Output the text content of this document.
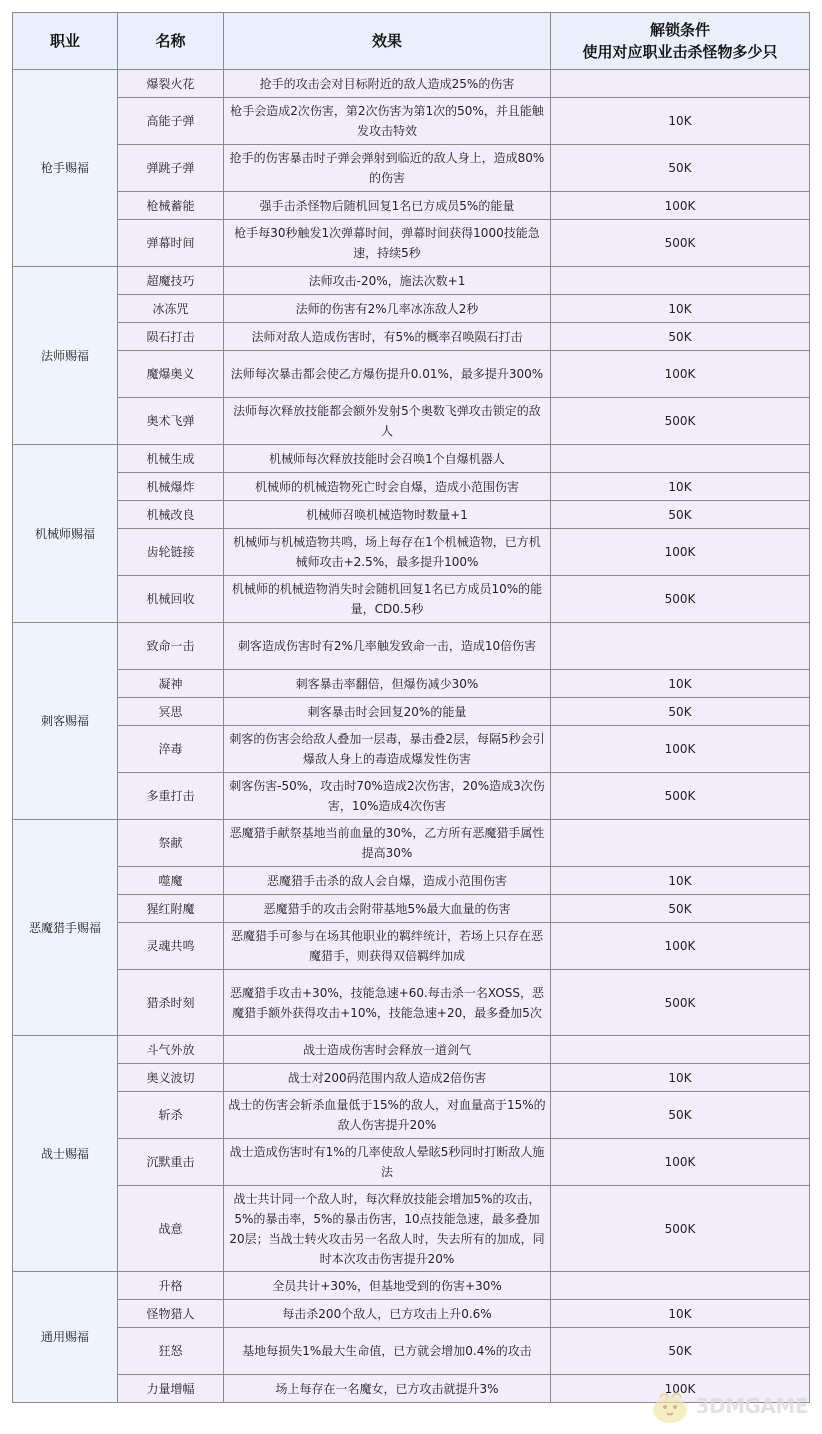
职业	名称	效果	解锁条件
使用对应职业击杀怪物多少只

枪手赐福	爆裂火花	抢手的攻击会对目标附近的敌人造成25%的伤害	
	高能子弹	枪手会造成2次伤害，第2次伤害为第1次的50%，并且能触发攻击特效	10K
	弹跳子弹	抢手的伤害暴击时子弹会弹射到临近的敌人身上，造成80%的伤害	50K
	枪械蓄能	强手击杀怪物后随机回复1名已方成员5%的能量	100K
	弹幕时间	枪手每30秒触发1次弹幕时间，弹幕时间获得1000技能急速，持续5秒	500K
法师赐福	超魔技巧	法师攻击-20%，施法次数+1	
	冰冻咒	法师的伤害有2%几率冰冻敌人2秒	10K
	陨石打击	法师对敌人造成伤害时，有5%的概率召唤陨石打击	50K
	魔爆奥义	法师每次暴击都会使乙方爆伤提升0.01%，最多提升300%	100K
	奥术飞弹	法师每次释放技能都会额外发射5个奥数飞弹攻击锁定的敌人	500K
机械师赐福	机械生成	机械师每次释放技能时会召唤1个自爆机器人	
	机械爆炸	机械师的机械造物死亡时会自爆，造成小范围伤害	10K
	机械改良	机械师召唤机械造物时数量+1	50K
	齿轮链接	机械师与机械造物共鸣，场上每存在1个机械造物，已方机械师攻击+2.5%，最多提升100%	100K
	机械回收	机械师的机械造物消失时会随机回复1名已方成员10%的能量，CD0.5秒	500K
刺客赐福	致命一击	刺客造成伤害时有2%几率触发致命一击，造成10倍伤害	
	凝神	刺客暴击率翻倍，但爆伤减少30%	10K
	冥思	刺客暴击时会回复20%的能量	50K
	淬毒	刺客的伤害会给敌人叠加一层毒，暴击叠2层，每隔5秒会引爆敌人身上的毒造成爆发性伤害	100K
	多重打击	刺客伤害-50%，攻击时70%造成2次伤害，20%造成3次伤害，10%造成4次伤害	500K
恶魔猎手赐福	祭献	恶魔猎手献祭基地当前血量的30%，乙方所有恶魔猎手属性提高30%	
	噬魔	恶魔猎手击杀的敌人会自爆，造成小范围伤害	10K
	猩红附魔	恶魔猎手的攻击会附带基地5%最大血量的伤害	50K
	灵魂共鸣	恶魔猎手可参与在场其他职业的羁绊统计，若场上只存在恶魔猎手，则获得双倍羁绊加成	100K
	猎杀时刻	恶魔猎手攻击+30%，技能急速+60.每击杀一名XOSS，恶魔猎手额外获得攻击+10%，技能急速+20，最多叠加5次	500K
战士赐福	斗气外放	战士造成伤害时会释放一道剑气	
	奥义波切	战士对200码范围内敌人造成2倍伤害	10K
	斩杀	战士的伤害会斩杀血量低于15%的敌人，对血量高于15%的敌人伤害提升20%	50K
	沉默重击	战士造成伤害时有1%的几率使敌人晕眩5秒同时打断敌人施法	100K
	战意	战士共计同一个敌人时，每次释放技能会增加5%的攻击，5%的暴击率，5%的暴击伤害，10点技能急速，最多叠加20层；当战士转火攻击另一名敌人时，失去所有的加成，同时本次攻击伤害提升20%	500K
通用赐福	升格	全员共计+30%，但基地受到的伤害+30%	
	怪物猎人	每击杀200个敌人，已方攻击上升0.6%	10K
	狂怒	基地每损失1%最大生命值，已方就会增加0.4%的攻击	50K
	力量增幅	场上每存在一名魔女，已方攻击就提升3%	100K
3DMGAME
